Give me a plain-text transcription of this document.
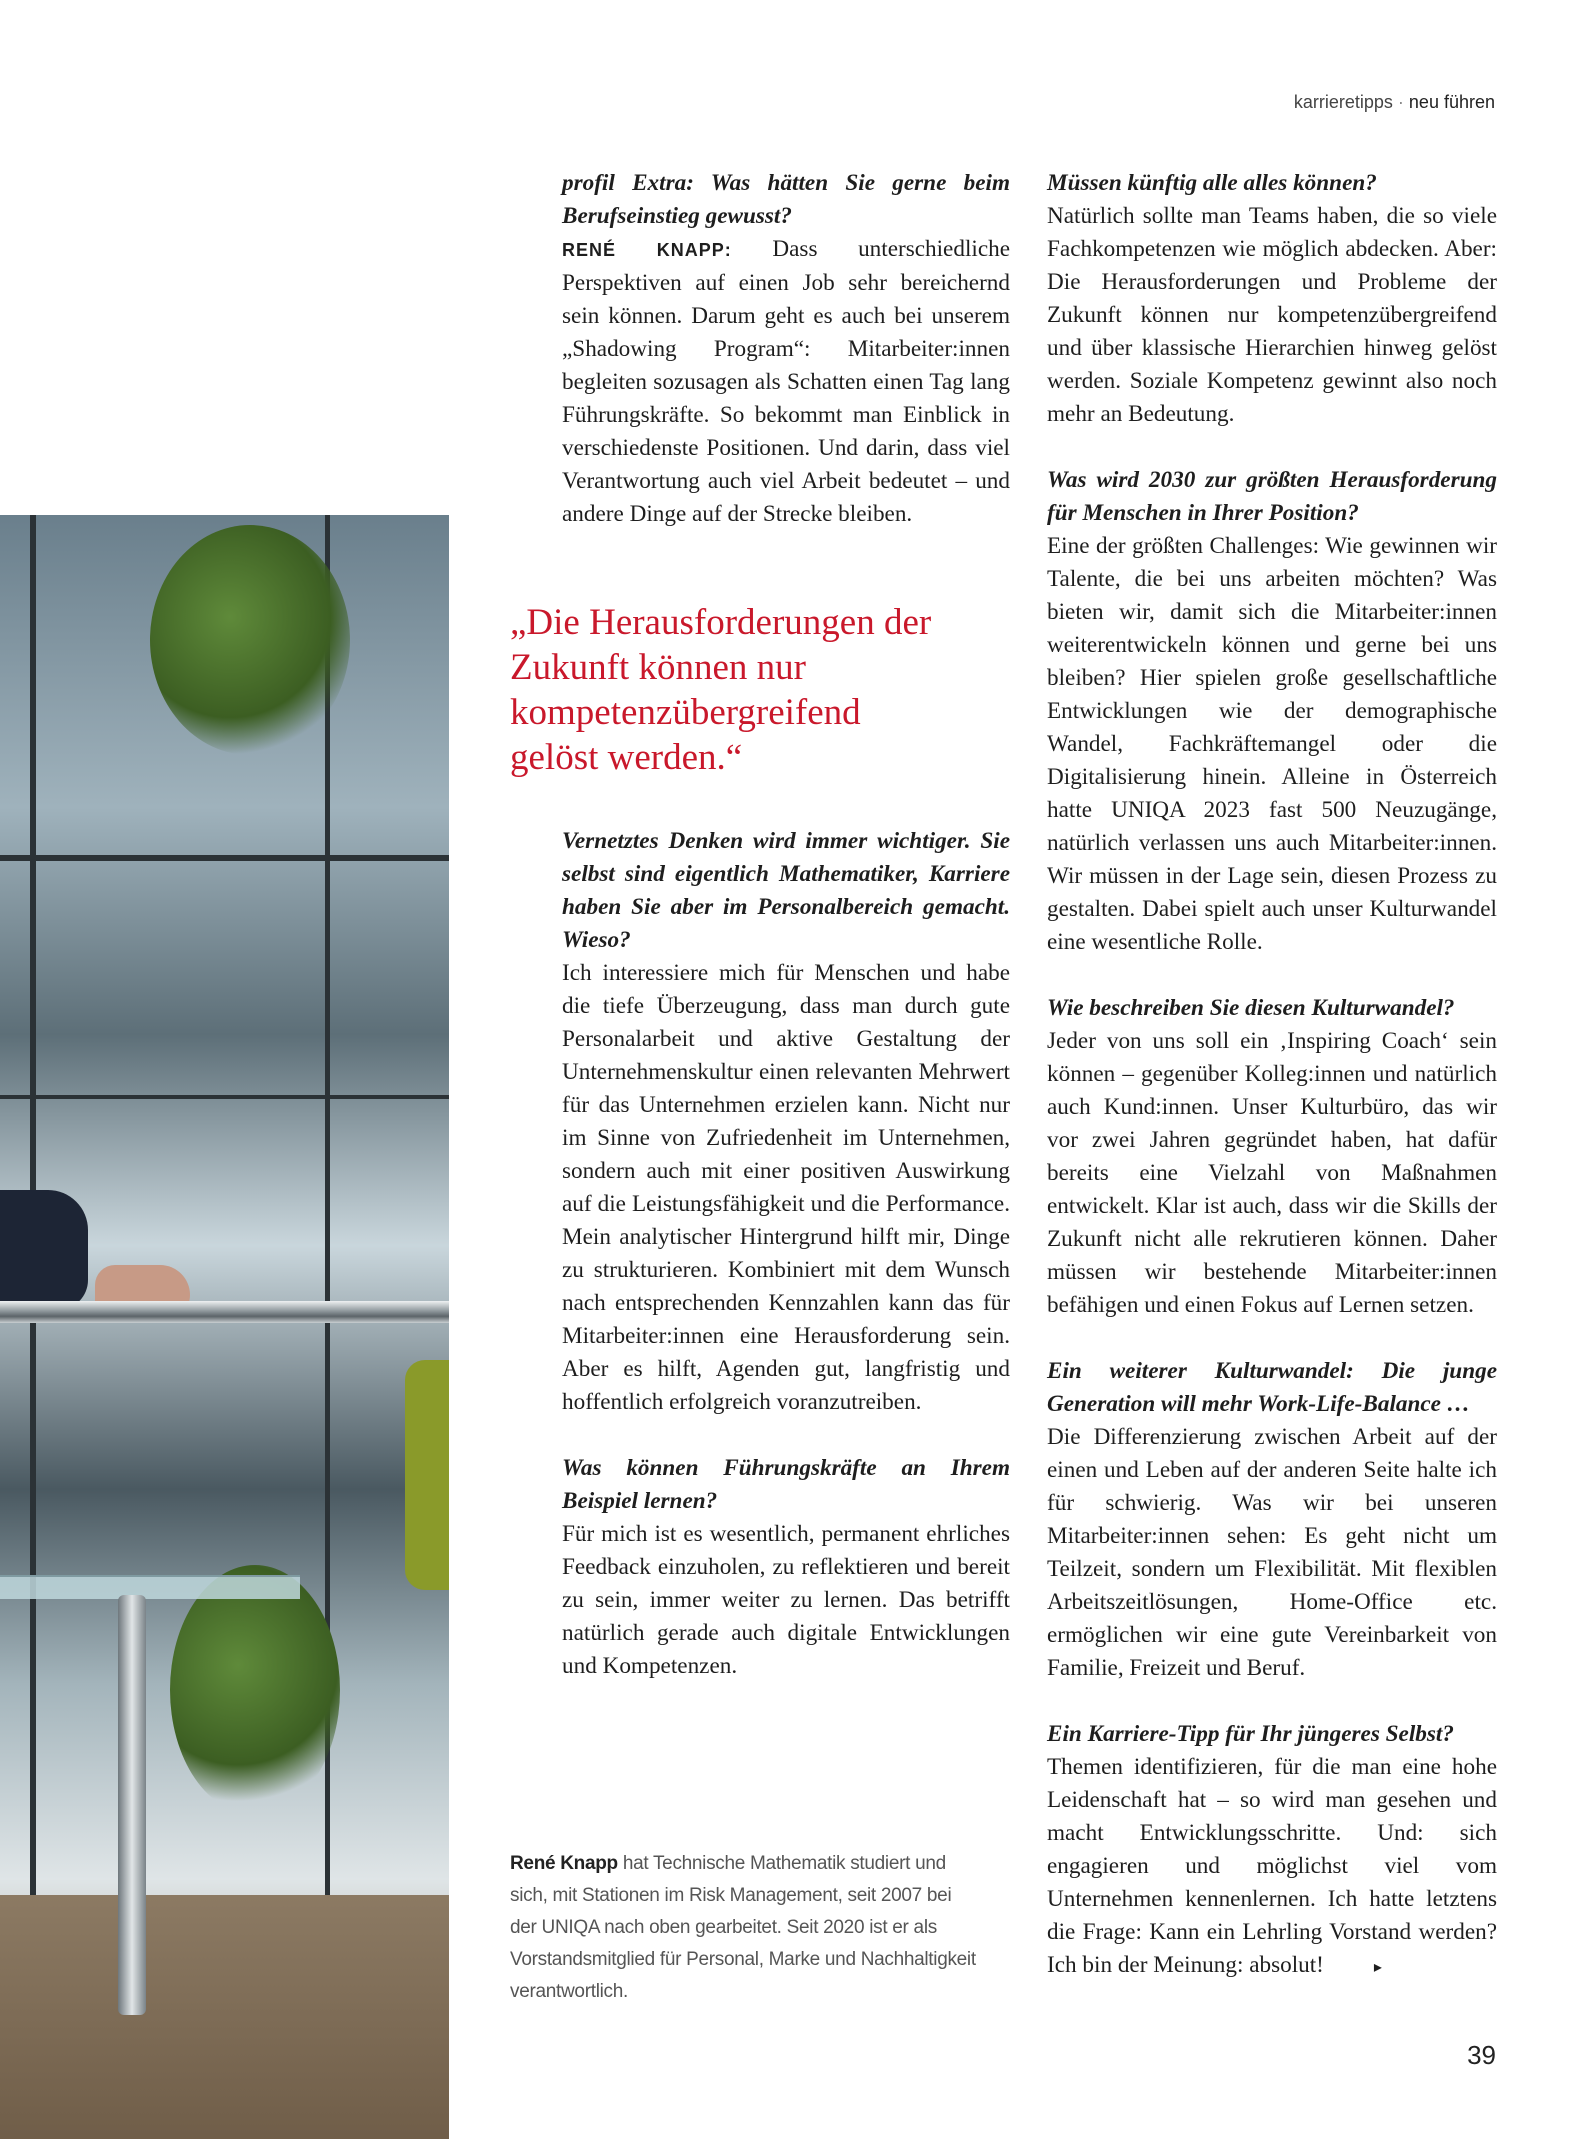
karrieretipps · neu führen

profil Extra: Was hätten Sie gerne beim Berufseinstieg gewusst?
RENÉ KNAPP: Dass unterschiedliche Perspektiven auf einen Job sehr bereichernd sein können. Darum geht es auch bei unserem „Shadowing Program“: Mitarbeiter:innen begleiten sozusagen als Schatten einen Tag lang Führungskräfte. So bekommt man Einblick in verschiedenste Positionen. Und darin, dass viel Verantwortung auch viel Arbeit bedeutet – und andere Dinge auf der Strecke bleiben.

„Die Herausforderungen der Zukunft können nur kompetenzübergreifend gelöst werden.“

Vernetztes Denken wird immer wichtiger. Sie selbst sind eigentlich Mathematiker, Karriere haben Sie aber im Personalbereich gemacht. Wieso?
Ich interessiere mich für Menschen und habe die tiefe Überzeugung, dass man durch gute Personalarbeit und aktive Gestaltung der Unternehmenskultur einen relevanten Mehrwert für das Unternehmen erzielen kann. Nicht nur im Sinne von Zufriedenheit im Unternehmen, sondern auch mit einer positiven Auswirkung auf die Leistungsfähigkeit und die Performance. Mein analytischer Hintergrund hilft mir, Dinge zu strukturieren. Kombiniert mit dem Wunsch nach entsprechenden Kennzahlen kann das für Mitarbeiter:innen eine Herausforderung sein. Aber es hilft, Agenden gut, langfristig und hoffentlich erfolgreich voranzutreiben.

Was können Führungskräfte an Ihrem Beispiel lernen?
Für mich ist es wesentlich, permanent ehrliches Feedback einzuholen, zu reflektieren und bereit zu sein, immer weiter zu lernen. Das betrifft natürlich gerade auch digitale Entwicklungen und Kompetenzen.

René Knapp hat Technische Mathematik studiert und sich, mit Stationen im Risk Management, seit 2007 bei der UNIQA nach oben gearbeitet. Seit 2020 ist er als Vorstandsmitglied für Personal, Marke und Nachhaltigkeit verantwortlich.

Müssen künftig alle alles können?
Natürlich sollte man Teams haben, die so viele Fachkompetenzen wie möglich abdecken. Aber: Die Herausforderungen und Probleme der Zukunft können nur kompetenzübergreifend und über klassische Hierarchien hinweg gelöst werden. Soziale Kompetenz gewinnt also noch mehr an Bedeutung.

Was wird 2030 zur größten Herausforderung für Menschen in Ihrer Position?
Eine der größten Challenges: Wie gewinnen wir Talente, die bei uns arbeiten möchten? Was bieten wir, damit sich die Mitarbeiter:innen weiterentwickeln können und gerne bei uns bleiben? Hier spielen große gesellschaftliche Entwicklungen wie der demographische Wandel, Fachkräftemangel oder die Digitalisierung hinein. Alleine in Österreich hatte UNIQA 2023 fast 500 Neuzugänge, natürlich verlassen uns auch Mitarbeiter:innen. Wir müssen in der Lage sein, diesen Prozess zu gestalten. Dabei spielt auch unser Kulturwandel eine wesentliche Rolle.

Wie beschreiben Sie diesen Kulturwandel?
Jeder von uns soll ein ‚Inspiring Coach‘ sein können – gegenüber Kolleg:innen und natürlich auch Kund:innen. Unser Kulturbüro, das wir vor zwei Jahren gegründet haben, hat dafür bereits eine Vielzahl von Maßnahmen entwickelt. Klar ist auch, dass wir die Skills der Zukunft nicht alle rekrutieren können. Daher müssen wir bestehende Mitarbeiter:innen befähigen und einen Fokus auf Lernen setzen.

Ein weiterer Kulturwandel: Die junge Generation will mehr Work-Life-Balance …
Die Differenzierung zwischen Arbeit auf der einen und Leben auf der anderen Seite halte ich für schwierig. Was wir bei unseren Mitarbeiter:innen sehen: Es geht nicht um Teilzeit, sondern um Flexibilität. Mit flexiblen Arbeitszeitlösungen, Home-Office etc. ermöglichen wir eine gute Vereinbarkeit von Familie, Freizeit und Beruf.

Ein Karriere-Tipp für Ihr jüngeres Selbst?
Themen identifizieren, für die man eine hohe Leidenschaft hat – so wird man gesehen und macht Entwicklungsschritte. Und: sich engagieren und möglichst viel vom Unternehmen kennenlernen. Ich hatte letztens die Frage: Kann ein Lehrling Vorstand werden? Ich bin der Meinung: absolut!	▸

39
